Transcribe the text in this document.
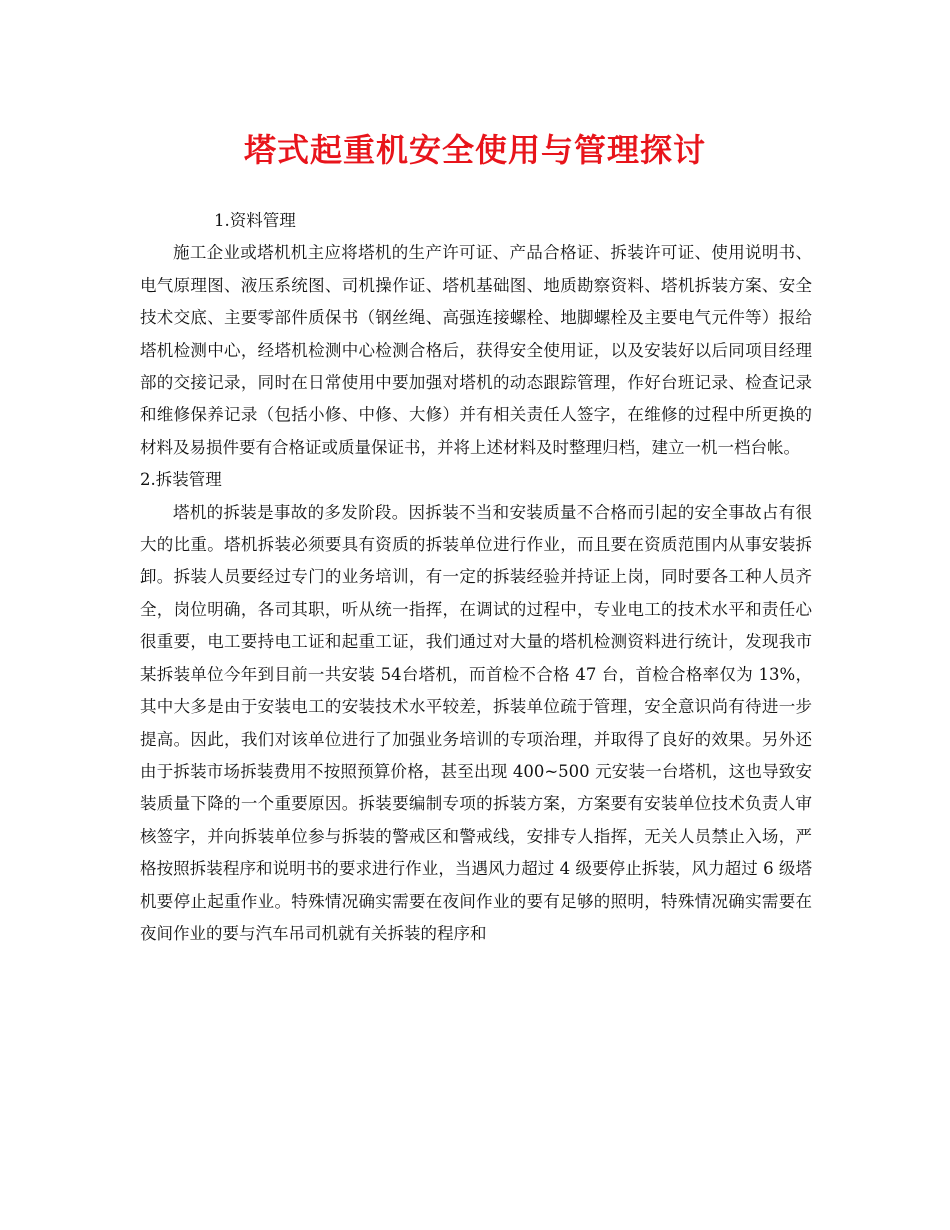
塔式起重机安全使用与管理探讨

1.资料管理

施工企业或塔机机主应将塔机的生产许可证、产品合格证、拆装许可证、使用说明书、电气原理图、液压系统图、司机操作证、塔机基础图、地质勘察资料、塔机拆装方案、安全技术交底、主要零部件质保书（钢丝绳、高强连接螺栓、地脚螺栓及主要电气元件等）报给塔机检测中心，经塔机检测中心检测合格后，获得安全使用证，以及安装好以后同项目经理部的交接记录，同时在日常使用中要加强对塔机的动态跟踪管理，作好台班记录、检查记录和维修保养记录（包括小修、中修、大修）并有相关责任人签字，在维修的过程中所更换的材料及易损件要有合格证或质量保证书，并将上述材料及时整理归档，建立一机一档台帐。

2.拆装管理

塔机的拆装是事故的多发阶段。因拆装不当和安装质量不合格而引起的安全事故占有很大的比重。塔机拆装必须要具有资质的拆装单位进行作业，而且要在资质范围内从事安装拆卸。拆装人员要经过专门的业务培训，有一定的拆装经验并持证上岗，同时要各工种人员齐全，岗位明确，各司其职，听从统一指挥，在调试的过程中，专业电工的技术水平和责任心很重要，电工要持电工证和起重工证，我们通过对大量的塔机检测资料进行统计，发现我市某拆装单位今年到目前一共安装 54台塔机，而首检不合格 47 台，首检合格率仅为 13%，其中大多是由于安装电工的安装技术水平较差，拆装单位疏于管理，安全意识尚有待进一步提高。因此，我们对该单位进行了加强业务培训的专项治理，并取得了良好的效果。另外还由于拆装市场拆装费用不按照预算价格，甚至出现 400~500 元安装一台塔机，这也导致安装质量下降的一个重要原因。拆装要编制专项的拆装方案，方案要有安装单位技术负责人审核签字，并向拆装单位参与拆装的警戒区和警戒线，安排专人指挥，无关人员禁止入场，严格按照拆装程序和说明书的要求进行作业，当遇风力超过 4 级要停止拆装，风力超过 6 级塔机要停止起重作业。特殊情况确实需要在夜间作业的要有足够的照明，特殊情况确实需要在夜间作业的要与汽车吊司机就有关拆装的程序和
